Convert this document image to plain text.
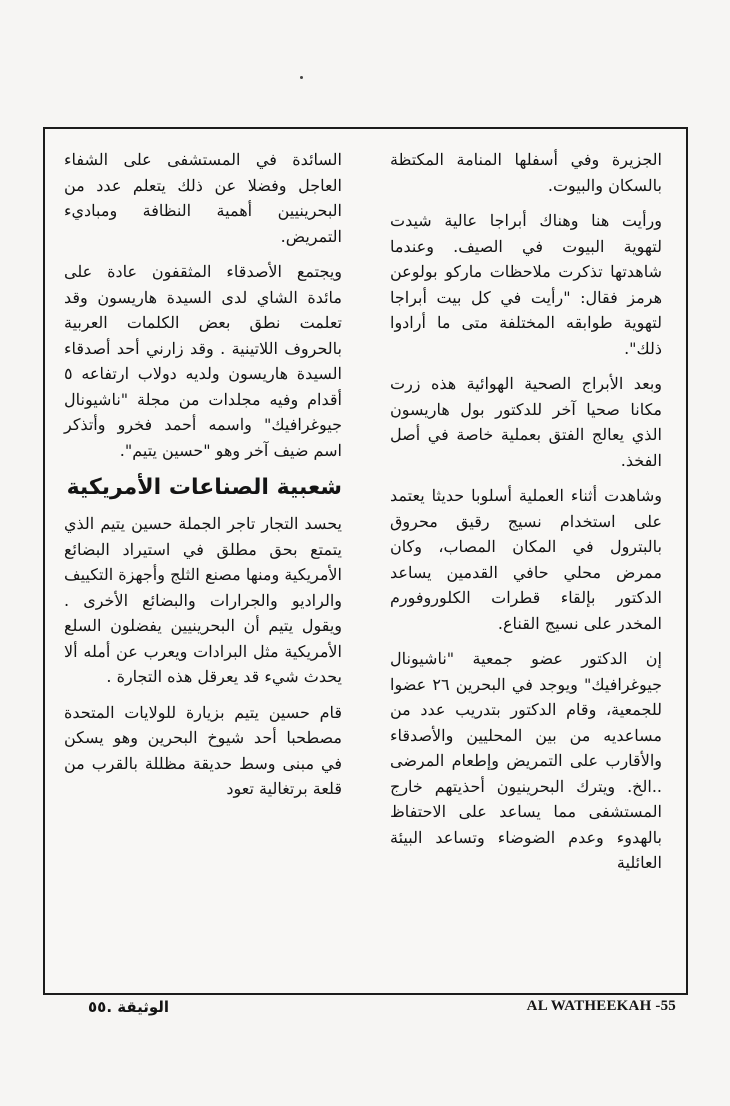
الجزيرة وفي أسفلها المنامة المكتظة بالسكان والبيوت.

ورأيت هنا وهناك أبراجا عالية شيدت لتهوية البيوت في الصيف. وعندما شاهدتها تذكرت ملاحظات ماركو بولوعن هرمز فقال: "رأيت في كل بيت أبراجا لتهوية طوابقه المختلفة متى ما أرادوا ذلك".

وبعد الأبراج الصحية الهوائية هذه زرت مكانا صحيا آخر للدكتور بول هاريسون الذي يعالج الفتق بعملية خاصة في أصل الفخذ.

وشاهدت أثناء العملية أسلوبا حديثا يعتمد على استخدام نسيج رقيق محروق بالبترول في المكان المصاب، وكان ممرض محلي حافي القدمين يساعد الدكتور بإلقاء قطرات الكلوروفورم المخدر على نسيج القناع.

إن الدكتور عضو جمعية "ناشيونال جيوغرافيك" ويوجد في البحرين ٢٦ عضوا للجمعية، وقام الدكتور بتدريب عدد من مساعديه من بين المحليين والأصدقاء والأقارب على التمريض وإطعام المرضى ..الخ. ويترك البحرينيون أحذيتهم خارج المستشفى مما يساعد على الاحتفاظ بالهدوء وعدم الضوضاء وتساعد البيئة العائلية

السائدة في المستشفى على الشفاء العاجل وفضلا عن ذلك يتعلم عدد من البحرينيين أهمية النظافة ومباديء التمريض.

ويجتمع الأصدقاء المثقفون عادة على مائدة الشاي لدى السيدة هاريسون وقد تعلمت نطق بعض الكلمات العربية بالحروف اللاتينية . وقد زارني أحد أصدقاء السيدة هاريسون ولديه دولاب ارتفاعه ٥ أقدام وفيه مجلدات من مجلة "ناشيونال جيوغرافيك" واسمه أحمد فخرو وأتذكر اسم ضيف آخر وهو "حسين يتيم".

شعبية الصناعات الأمريكية

يحسد التجار تاجر الجملة حسين يتيم الذي يتمتع بحق مطلق في استيراد البضائع الأمريكية ومنها مصنع الثلج وأجهزة التكييف والراديو والجرارات والبضائع الأخرى . ويقول يتيم أن البحرينيين يفضلون السلع الأمريكية مثل البرادات ويعرب عن أمله ألا يحدث شيء قد يعرقل هذه التجارة .

قام حسين يتيم بزيارة للولايات المتحدة مصطحبا أحد شيوخ البحرين وهو يسكن في مبنى وسط حديقة مظللة بالقرب من قلعة برتغالية تعود

الوثيقة .٥٥	AL WATHEEKAH -55
